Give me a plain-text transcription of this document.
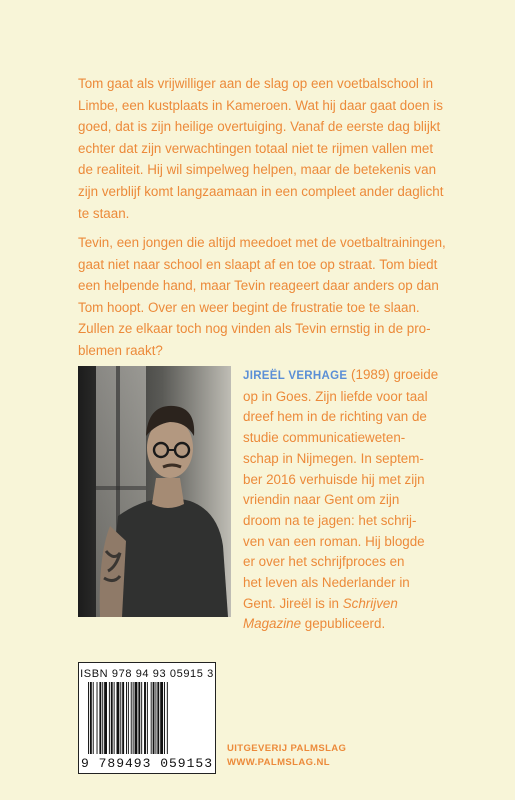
Tom gaat als vrijwilliger aan de slag op een voetbalschool in
Limbe, een kustplaats in Kameroen. Wat hij daar gaat doen is
goed, dat is zijn heilige overtuiging. Vanaf de eerste dag blijkt
echter dat zijn verwachtingen totaal niet te rijmen vallen met
de realiteit. Hij wil simpelweg helpen, maar de betekenis van
zijn verblijf komt langzaamaan in een compleet ander daglicht
te staan.
Tevin, een jongen die altijd meedoet met de voetbaltrainingen,
gaat niet naar school en slaapt af en toe op straat. Tom biedt
een helpende hand, maar Tevin reageert daar anders op dan
Tom hoopt. Over en weer begint de frustratie toe te slaan.
Zullen ze elkaar toch nog vinden als Tevin ernstig in de pro-
blemen raakt?
JIREËL VERHAGE (1989) groeide
op in Goes. Zijn liefde voor taal
dreef hem in de richting van de
studie communicatieweten-
schap in Nijmegen. In septem-
ber 2016 verhuisde hij met zijn
vriendin naar Gent om zijn
droom na te jagen: het schrij-
ven van een roman. Hij blogde
er over het schrijfproces en
het leven als Nederlander in
Gent. Jireël is in Schrijven
Magazine gepubliceerd.
ISBN 978 94 93 05915 3
9 789493 059153
UITGEVERIJ PALMSLAG
WWW.PALMSLAG.NL
